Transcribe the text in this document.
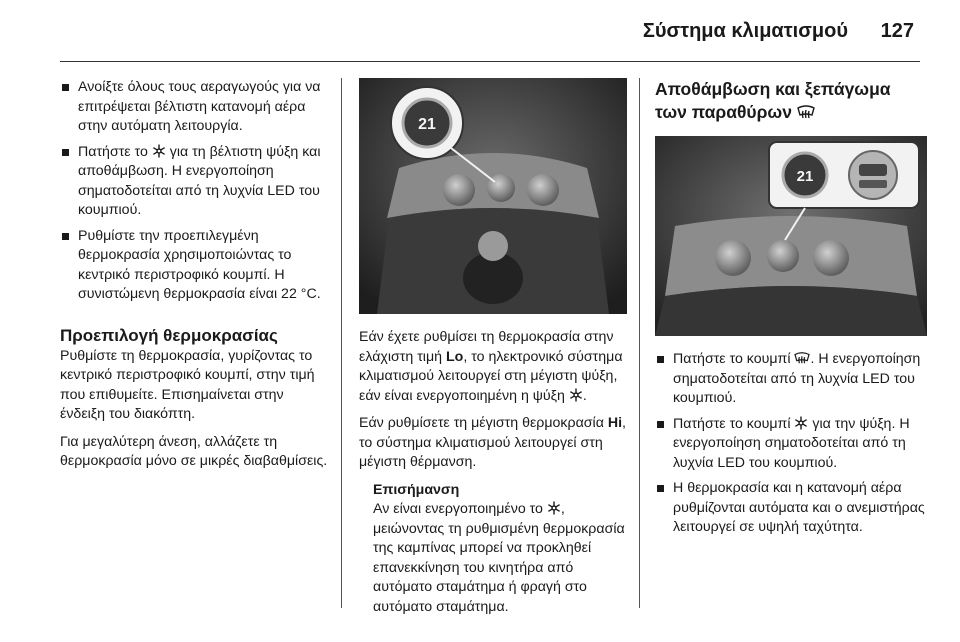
Σύστημα κλιματισμού 127
Ανοίξτε όλους τους αεραγωγούς για να επιτρέψεται βέλτιστη κατανομή αέρα στην αυτόματη λειτουργία.
Πατήστε το για τη βέλτιστη ψύξη και αποθάμβωση. Η ενεργοποίηση σηματοδοτείται από τη λυχνία LED του κουμπιού.
Ρυθμίστε την προεπιλεγμένη θερμοκρασία χρησιμοποιώντας το κεντρικό περιστροφικό κουμπί. Η συνιστώμενη θερμοκρασία είναι 22 °C.
Προεπιλογή θερμοκρασίας
Ρυθμίστε τη θερμοκρασία, γυρίζοντας το κεντρικό περιστροφικό κουμπί, στην τιμή που επιθυμείτε. Επισημαίνεται στην ένδειξη του διακόπτη.
Για μεγαλύτερη άνεση, αλλάζετε τη θερμοκρασία μόνο σε μικρές διαβαθμίσεις.
21
Εάν έχετε ρυθμίσει τη θερμοκρασία στην ελάχιστη τιμή Lo, το ηλεκτρονικό σύστημα κλιματισμού λειτουργεί στη μέγιστη ψύξη, εάν είναι ενεργοποιημένη η ψύξη .
Εάν ρυθμίσετε τη μέγιστη θερμοκρασία Hi, το σύστημα κλιματισμού λειτουργεί στη μέγιστη θέρμανση.
Επισήμανση
Αν είναι ενεργοποιημένο το , μειώνοντας τη ρυθμισμένη θερμοκρασία της καμπίνας μπορεί να προκληθεί επανεκκίνηση του κινητήρα από αυτόματο σταμάτημα ή φραγή στο αυτόματο σταμάτημα.
Αποθάμβωση και ξεπάγωμα των παραθύρων
21
Πατήστε το κουμπί . Η ενεργοποίηση σηματοδοτείται από τη λυχνία LED του κουμπιού.
Πατήστε το κουμπί για την ψύξη. Η ενεργοποίηση σηματοδοτείται από τη λυχνία LED του κουμπιού.
Η θερμοκρασία και η κατανομή αέρα ρυθμίζονται αυτόματα και ο ανεμιστήρας λειτουργεί σε υψηλή ταχύτητα.
